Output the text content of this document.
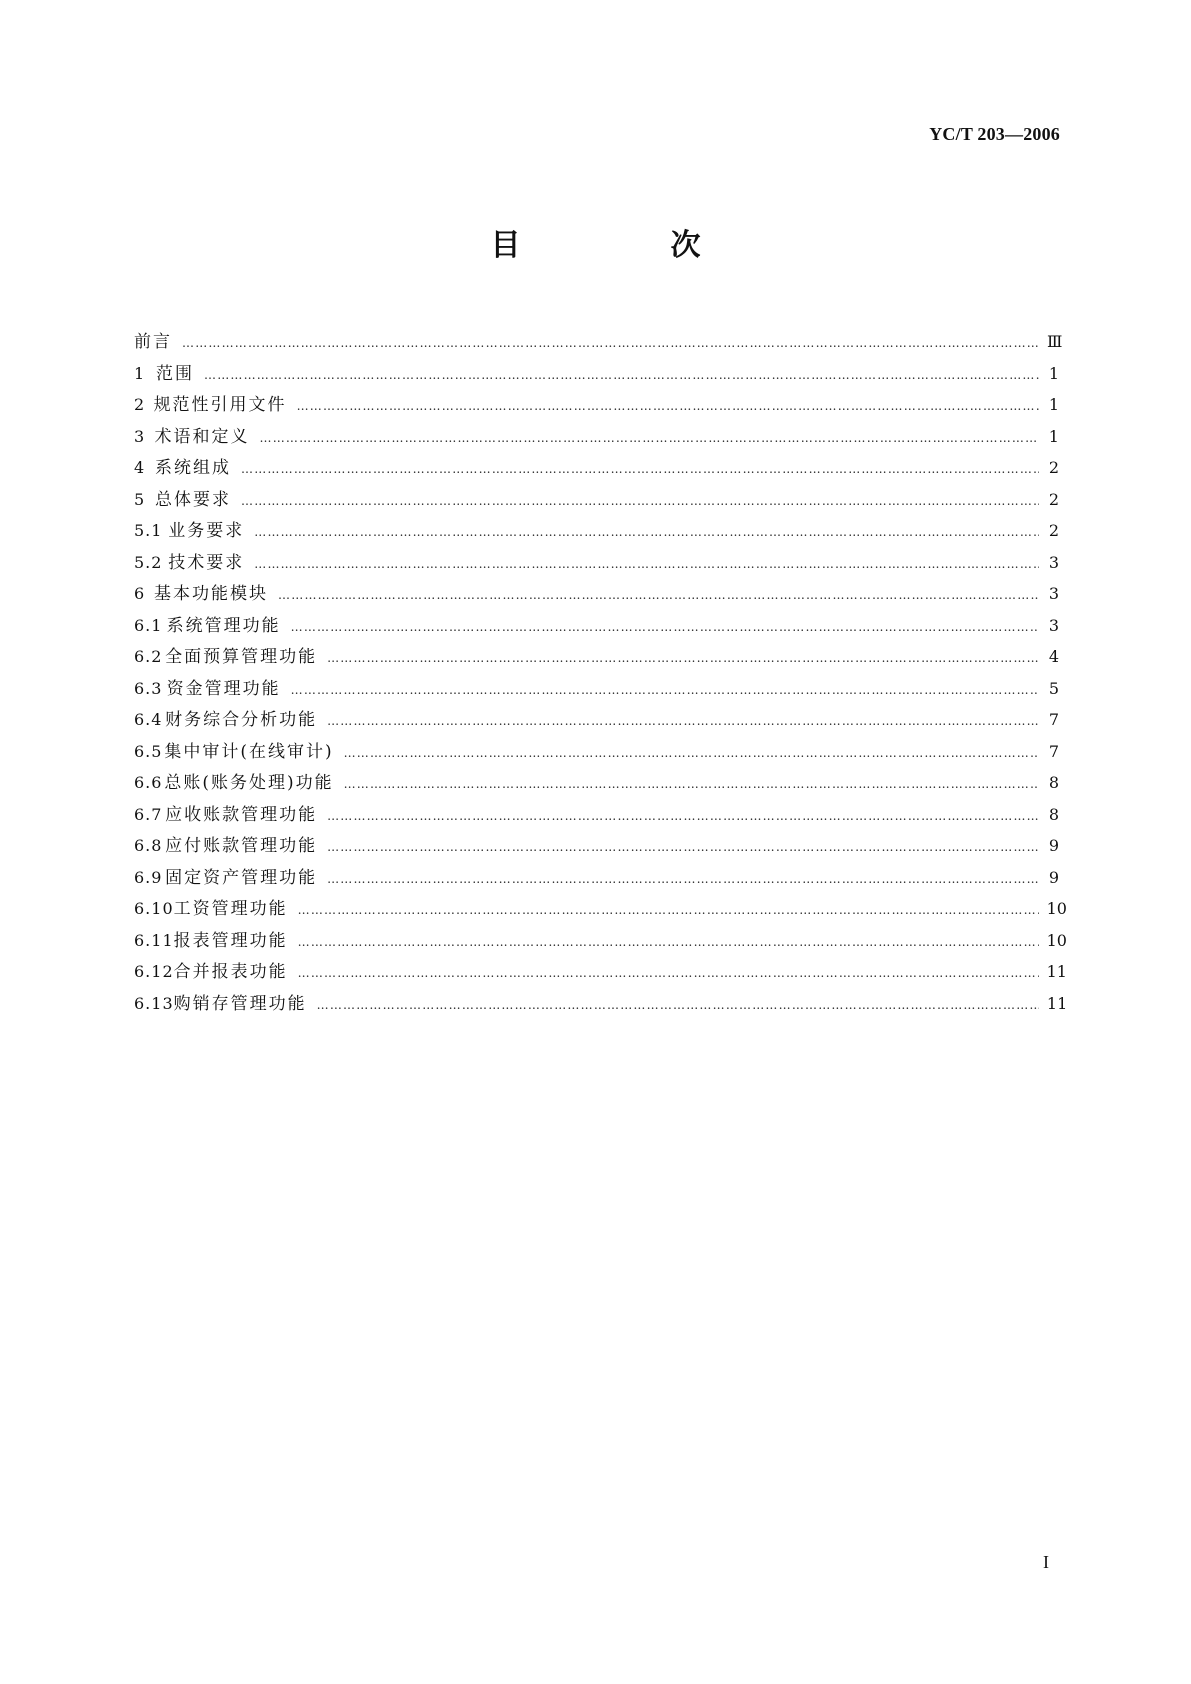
YC/T 203—2006
目　次
前言 ……………………………………………………………………………………………………………………………………………………………………………………………………………………………………………………	Ⅲ
1 范围 ……………………………………………………………………………………………………………………………………………………………………………………………………………………………………………………	1
2 规范性引用文件 ……………………………………………………………………………………………………………………………………………………………………………………………………………………………………………………	1
3 术语和定义 ……………………………………………………………………………………………………………………………………………………………………………………………………………………………………………………	1
4 系统组成 ……………………………………………………………………………………………………………………………………………………………………………………………………………………………………………………	2
5 总体要求 ……………………………………………………………………………………………………………………………………………………………………………………………………………………………………………………	2
5.1 业务要求 ……………………………………………………………………………………………………………………………………………………………………………………………………………………………………………………	2
5.2 技术要求 ……………………………………………………………………………………………………………………………………………………………………………………………………………………………………………………	3
6 基本功能模块 ……………………………………………………………………………………………………………………………………………………………………………………………………………………………………………………	3
6.1 系统管理功能 ……………………………………………………………………………………………………………………………………………………………………………………………………………………………………………………	3
6.2 全面预算管理功能 ……………………………………………………………………………………………………………………………………………………………………………………………………………………………………………………	4
6.3 资金管理功能 ……………………………………………………………………………………………………………………………………………………………………………………………………………………………………………………	5
6.4 财务综合分析功能 ……………………………………………………………………………………………………………………………………………………………………………………………………………………………………………………	7
6.5 集中审计(在线审计) ……………………………………………………………………………………………………………………………………………………………………………………………………………………………………………………	7
6.6 总账(账务处理)功能 ……………………………………………………………………………………………………………………………………………………………………………………………………………………………………………………	8
6.7 应收账款管理功能 ……………………………………………………………………………………………………………………………………………………………………………………………………………………………………………………	8
6.8 应付账款管理功能 ……………………………………………………………………………………………………………………………………………………………………………………………………………………………………………………	9
6.9 固定资产管理功能 ……………………………………………………………………………………………………………………………………………………………………………………………………………………………………………………	9
6.10 工资管理功能 ……………………………………………………………………………………………………………………………………………………………………………………………………………………………………………………	10
6.11 报表管理功能 ……………………………………………………………………………………………………………………………………………………………………………………………………………………………………………………	10
6.12 合并报表功能 ……………………………………………………………………………………………………………………………………………………………………………………………………………………………………………………	11
6.13 购销存管理功能 ……………………………………………………………………………………………………………………………………………………………………………………………………………………………………………………	11
I
